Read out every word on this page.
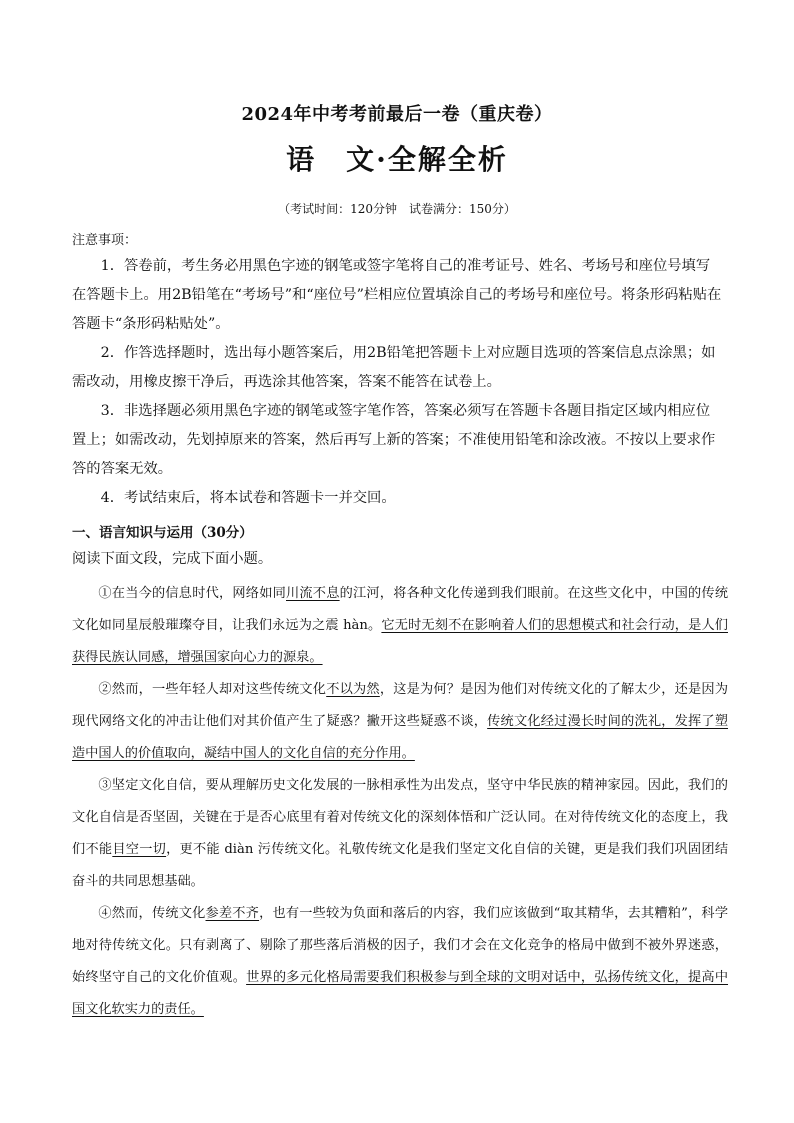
2024年中考考前最后一卷（重庆卷）
语　文·全解全析
（考试时间：120分钟　试卷满分：150分）
注意事项：

1．答卷前，考生务必用黑色字迹的钢笔或签字笔将自己的准考证号、姓名、考场号和座位号填写在答题卡上。用2B铅笔在“考场号”和“座位号”栏相应位置填涂自己的考场号和座位号。将条形码粘贴在答题卡“条形码粘贴处”。

2．作答选择题时，选出每小题答案后，用2B铅笔把答题卡上对应题目选项的答案信息点涂黑；如需改动，用橡皮擦干净后，再选涂其他答案，答案不能答在试卷上。

3．非选择题必须用黑色字迹的钢笔或签字笔作答，答案必须写在答题卡各题目指定区域内相应位置上；如需改动，先划掉原来的答案，然后再写上新的答案；不准使用铅笔和涂改液。不按以上要求作答的答案无效。

4．考试结束后，将本试卷和答题卡一并交回。

一、语言知识与运用（30分）
阅读下面文段，完成下面小题。

①在当今的信息时代，网络如同川流不息的江河，将各种文化传递到我们眼前。在这些文化中，中国的传统文化如同星辰般璀璨夺目，让我们永远为之震 hàn。它无时无刻不在影响着人们的思想模式和社会行动，是人们获得民族认同感，增强国家向心力的源泉。

②然而，一些年轻人却对这些传统文化不以为然，这是为何？是因为他们对传统文化的了解太少，还是因为现代网络文化的冲击让他们对其价值产生了疑惑？撇开这些疑惑不谈，传统文化经过漫长时间的洗礼，发挥了塑造中国人的价值取向，凝结中国人的文化自信的充分作用。

③坚定文化自信，要从理解历史文化发展的一脉相承性为出发点，坚守中华民族的精神家园。因此，我们的文化自信是否坚固，关键在于是否心底里有着对传统文化的深刻体悟和广泛认同。在对待传统文化的态度上，我们不能目空一切，更不能 diàn 污传统文化。礼敬传统文化是我们坚定文化自信的关键，更是我们我们巩固团结奋斗的共同思想基础。

④然而，传统文化参差不齐，也有一些较为负面和落后的内容，我们应该做到“取其精华，去其糟粕”，科学地对待传统文化。只有剥离了、剔除了那些落后消极的因子，我们才会在文化竞争的格局中做到不被外界迷惑，始终坚守自己的文化价值观。世界的多元化格局需要我们积极参与到全球的文明对话中，弘扬传统文化，提高中国文化软实力的责任。
